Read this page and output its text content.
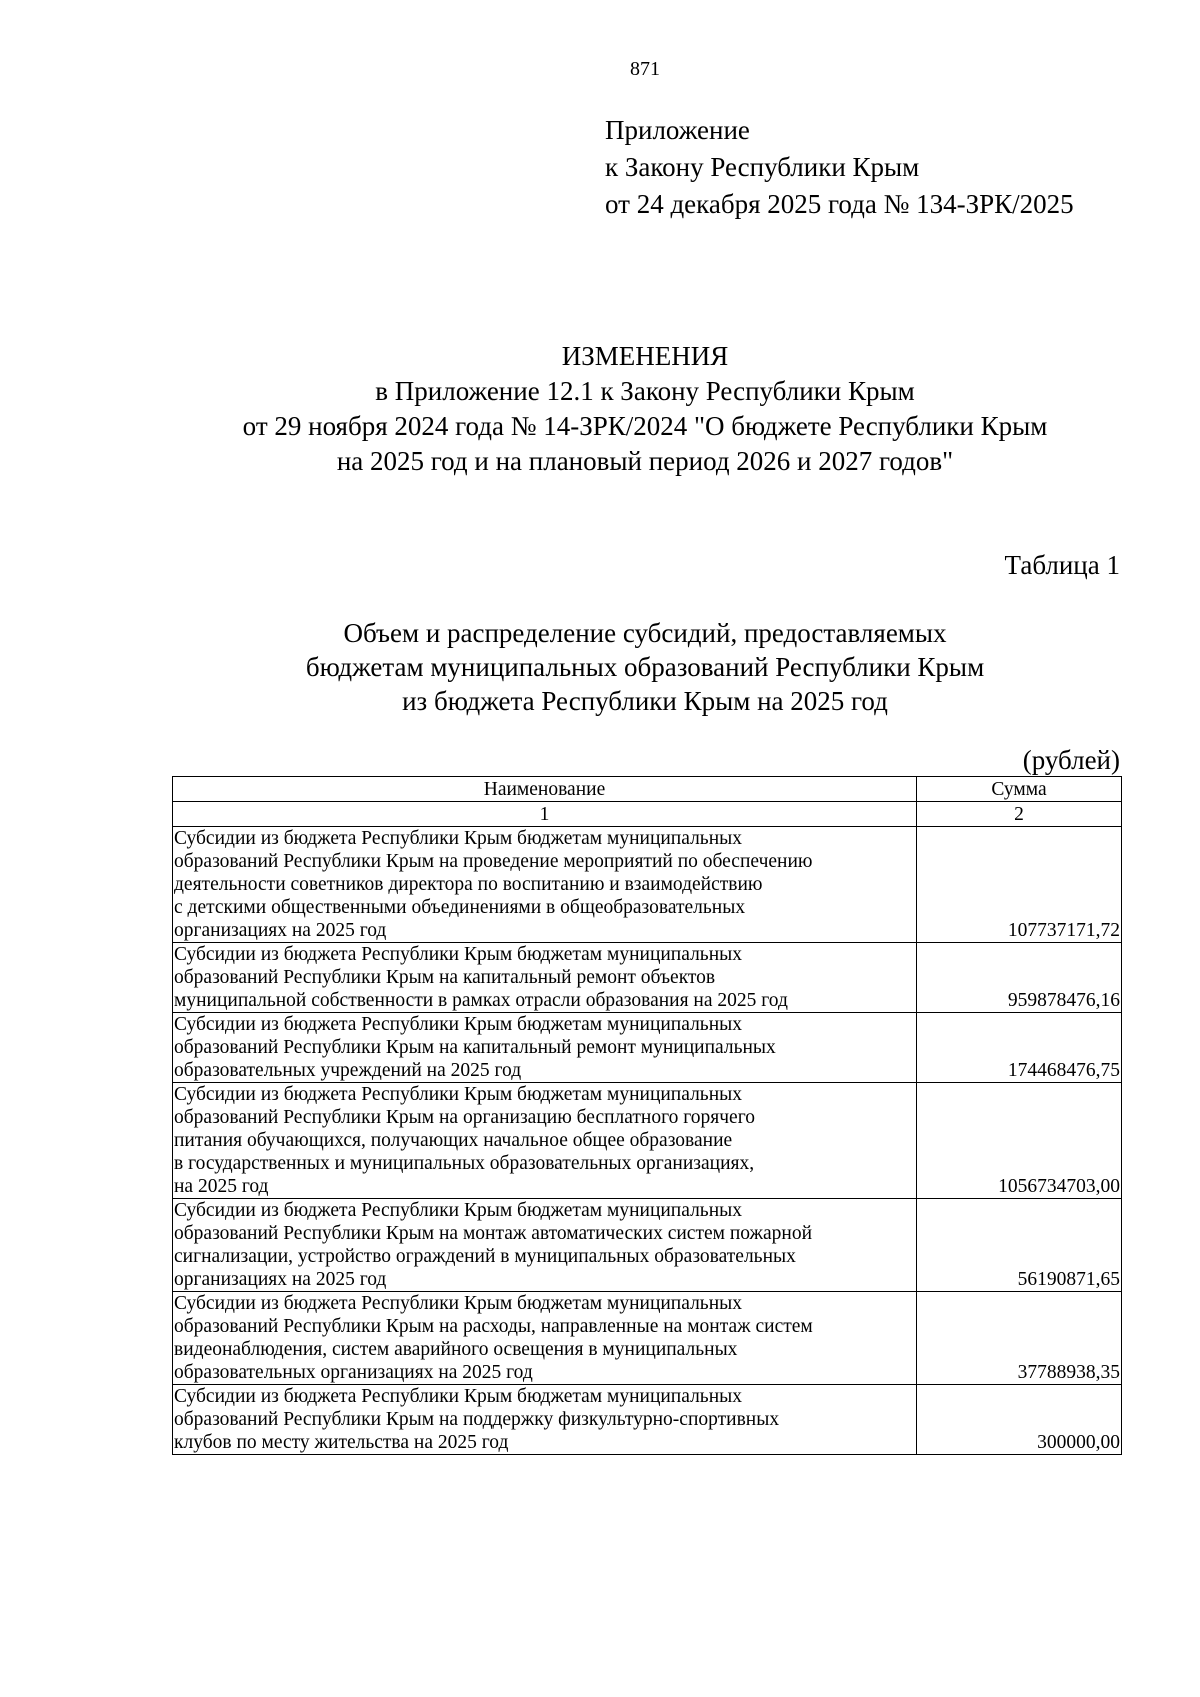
871
Приложение
к Закону Республики Крым
от 24 декабря 2025 года № 134-ЗРК/2025
ИЗМЕНЕНИЯ
в Приложение 12.1 к Закону Республики Крым
от 29 ноября 2024 года № 14-ЗРК/2024 "О бюджете Республики Крым
на 2025 год и на плановый период 2026 и 2027 годов"
Таблица 1
Объем и распределение субсидий, предоставляемых
бюджетам муниципальных образований Республики Крым
из бюджета Республики Крым на 2025 год
(рублей)
Наименование	Сумма
1	2

Субсидии из бюджета Республики Крым бюджетам муниципальных
образований Республики Крым на проведение мероприятий по обеспечению
деятельности советников директора по воспитанию и взаимодействию
с детскими общественными объединениями в общеобразовательных
организациях на 2025 год	107737171,72

Субсидии из бюджета Республики Крым бюджетам муниципальных
образований Республики Крым на капитальный ремонт объектов
муниципальной собственности в рамках отрасли образования на 2025 год	959878476,16

Субсидии из бюджета Республики Крым бюджетам муниципальных
образований Республики Крым на капитальный ремонт муниципальных
образовательных учреждений на 2025 год	174468476,75

Субсидии из бюджета Республики Крым бюджетам муниципальных
образований Республики Крым на организацию бесплатного горячего
питания обучающихся, получающих начальное общее образование
в государственных и муниципальных образовательных организациях,
на 2025 год	1056734703,00

Субсидии из бюджета Республики Крым бюджетам муниципальных
образований Республики Крым на монтаж автоматических систем пожарной
сигнализации, устройство ограждений в муниципальных образовательных
организациях на 2025 год	56190871,65

Субсидии из бюджета Республики Крым бюджетам муниципальных
образований Республики Крым на расходы, направленные на монтаж систем
видеонаблюдения, систем аварийного освещения в муниципальных
образовательных организациях на 2025 год	37788938,35

Субсидии из бюджета Республики Крым бюджетам муниципальных
образований Республики Крым на поддержку физкультурно-спортивных
клубов по месту жительства на 2025 год	300000,00
